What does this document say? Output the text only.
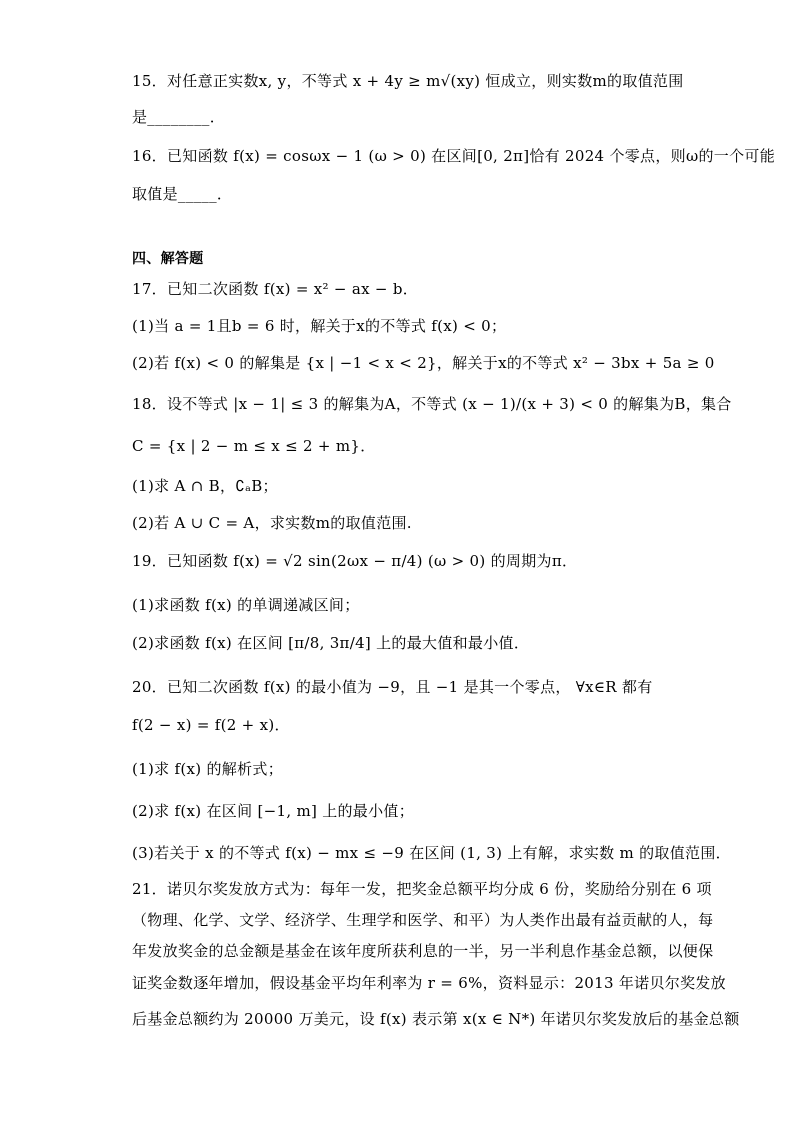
15．对任意正实数x, y，不等式 x + 4y ≥ m√(xy) 恒成立，则实数m的取值范围
是________．
16．已知函数 f(x) = cosωx − 1 (ω > 0) 在区间[0, 2π]恰有 2024 个零点，则ω的一个可能
取值是_____．
四、解答题
17．已知二次函数 f(x) = x² − ax − b．
(1)当 a = 1且b = 6 时，解关于x的不等式 f(x) < 0；
(2)若 f(x) < 0 的解集是 {x | −1 < x < 2}，解关于x的不等式 x² − 3bx + 5a ≥ 0
18．设不等式 |x − 1| ≤ 3 的解集为A，不等式 (x − 1)/(x + 3) < 0 的解集为B，集合
C = {x | 2 − m ≤ x ≤ 2 + m}．
(1)求 A ∩ B，∁ₐB；
(2)若 A ∪ C = A，求实数m的取值范围.
19．已知函数 f(x) = √2 sin(2ωx − π/4) (ω > 0) 的周期为π．
(1)求函数 f(x) 的单调递减区间；
(2)求函数 f(x) 在区间 [π/8, 3π/4] 上的最大值和最小值．
20．已知二次函数 f(x) 的最小值为 −9，且 −1 是其一个零点， ∀x∈R 都有
f(2 − x) = f(2 + x)．
(1)求 f(x) 的解析式；
(2)求 f(x) 在区间 [−1, m] 上的最小值；
(3)若关于 x 的不等式 f(x) − mx ≤ −9 在区间 (1, 3) 上有解，求实数 m 的取值范围．
21．诺贝尔奖发放方式为：每年一发，把奖金总额平均分成 6 份，奖励给分别在 6 项
（物理、化学、文学、经济学、生理学和医学、和平）为人类作出最有益贡献的人，每
年发放奖金的总金额是基金在该年度所获利息的一半，另一半利息作基金总额，以便保
证奖金数逐年增加，假设基金平均年利率为 r = 6%，资料显示：2013 年诺贝尔奖发放
后基金总额约为 20000 万美元，设 f(x) 表示第 x(x ∈ N*) 年诺贝尔奖发放后的基金总额
